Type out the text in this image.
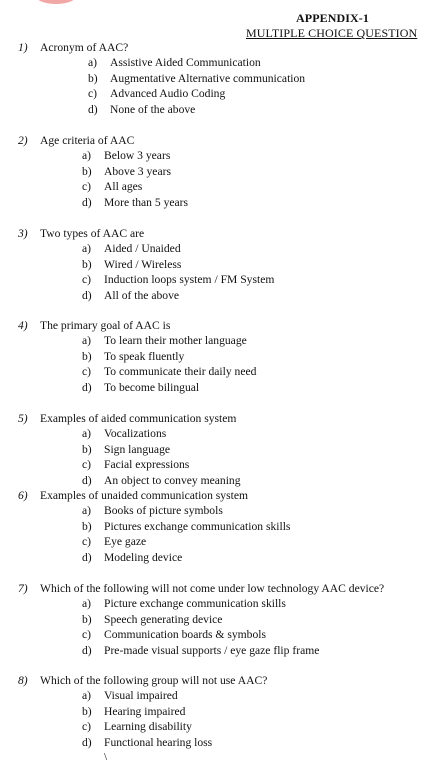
APPENDIX-1
MULTIPLE CHOICE QUESTION
1) Acronym of AAC?
a) Assistive Aided Communication
b) Augmentative Alternative communication
c) Advanced Audio Coding
d) None of the above
2) Age criteria of AAC
a) Below 3 years
b) Above 3 years
c) All ages
d) More than 5 years
3) Two types of AAC are
a) Aided / Unaided
b) Wired / Wireless
c) Induction loops system / FM System
d) All of the above
4) The primary goal of AAC is
a) To learn their mother language
b) To speak fluently
c) To communicate their daily need
d) To become bilingual
5) Examples of aided communication system
a) Vocalizations
b) Sign language
c) Facial expressions
d) An object to convey meaning
6) Examples of unaided communication system
a) Books of picture symbols
b) Pictures exchange communication skills
c) Eye gaze
d) Modeling device
7) Which of the following will not come under low technology AAC device?
a) Picture exchange communication skills
b) Speech generating device
c) Communication boards & symbols
d) Pre-made visual supports / eye gaze flip frame
8) Which of the following group will not use AAC?
a) Visual impaired
b) Hearing impaired
c) Learning disability
d) Functional hearing loss
\
